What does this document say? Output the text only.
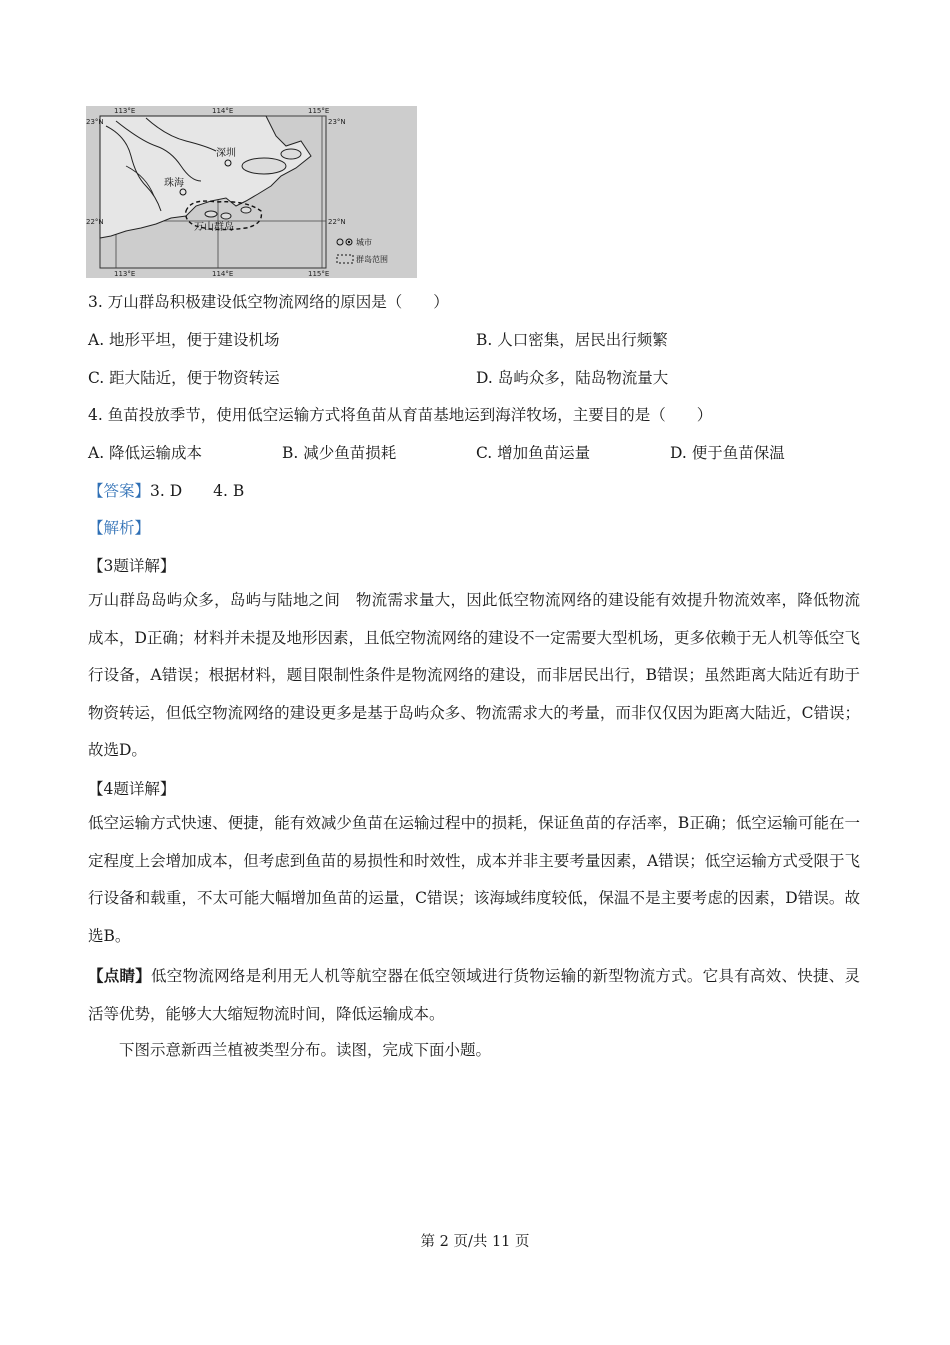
113°E	114°E	115°E
113°E	114°E	115°E
23°N
22°N
23°N
22°N
深圳
珠海
万山群岛
城市
群岛范围
3. 万山群岛积极建设低空物流网络的原因是（　　）
A. 地形平坦，便于建设机场	B. 人口密集，居民出行频繁
C. 距大陆近，便于物资转运	D. 岛屿众多，陆岛物流量大
4. 鱼苗投放季节，使用低空运输方式将鱼苗从育苗基地运到海洋牧场，主要目的是（　　）
A. 降低运输成本	B. 减少鱼苗损耗	C. 增加鱼苗运量	D. 便于鱼苗保温
【答案】3. D　　4. B
【解析】
【3题详解】
万山群岛岛屿众多，岛屿与陆地之间　物流需求量大，因此低空物流网络的建设能有效提升物流效率，降低物流成本，D正确；材料并未提及地形因素，且低空物流网络的建设不一定需要大型机场，更多依赖于无人机等低空飞行设备，A错误；根据材料，题目限制性条件是物流网络的建设，而非居民出行，B错误；虽然距离大陆近有助于物资转运，但低空物流网络的建设更多是基于岛屿众多、物流需求大的考量，而非仅仅因为距离大陆近，C错误；故选D。
【4题详解】
低空运输方式快速、便捷，能有效减少鱼苗在运输过程中的损耗，保证鱼苗的存活率，B正确；低空运输可能在一定程度上会增加成本，但考虑到鱼苗的易损性和时效性，成本并非主要考量因素，A错误；低空运输方式受限于飞行设备和载重，不太可能大幅增加鱼苗的运量，C错误；该海域纬度较低，保温不是主要考虑的因素，D错误。故选B。
【点睛】低空物流网络是利用无人机等航空器在低空领域进行货物运输的新型物流方式。它具有高效、快捷、灵活等优势，能够大大缩短物流时间，降低运输成本。
下图示意新西兰植被类型分布。读图，完成下面小题。
第 2 页/共 11 页
